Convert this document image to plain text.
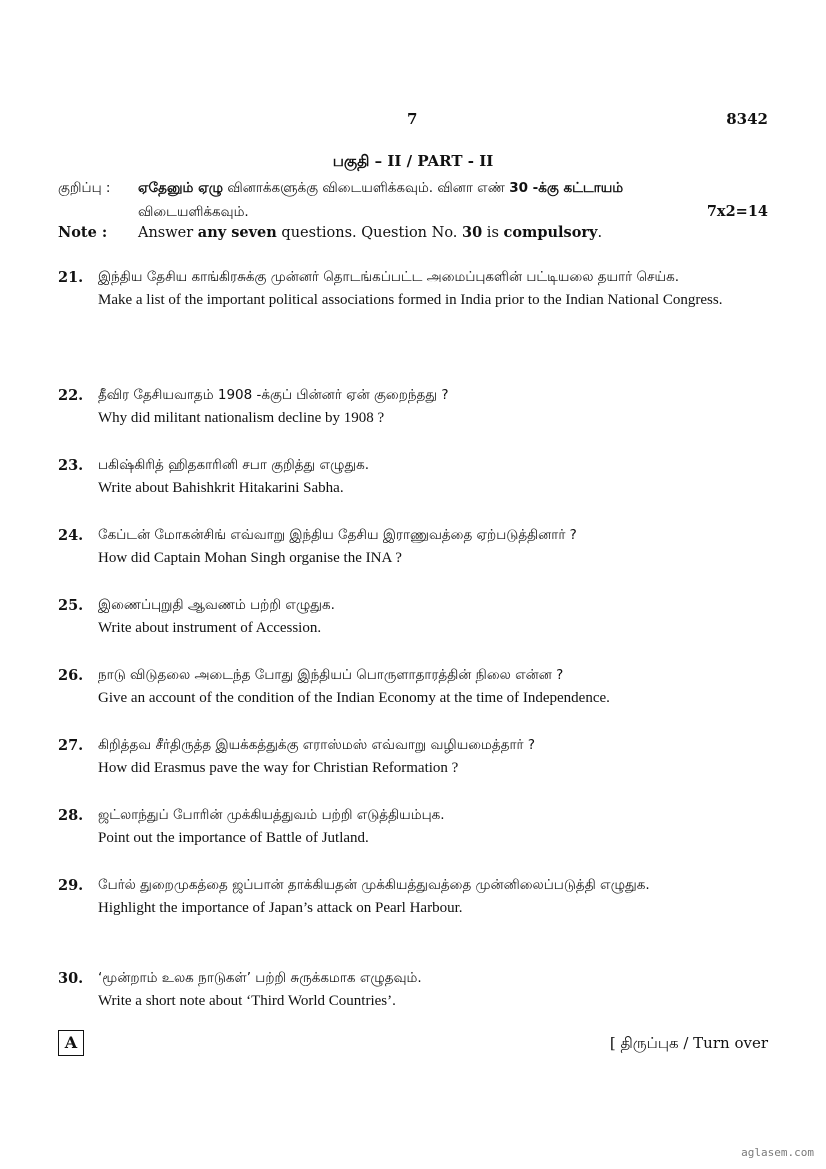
7	8342
பகுதி – II / PART - II
குறிப்பு : ஏதேனும் ஏழு வினாக்களுக்கு விடையளிக்கவும். வினா எண் 30 -க்கு கட்டாயம்
விடையளிக்கவும்.	7x2=14
Note : Answer any seven questions. Question No. 30 is compulsory.
21. இந்திய தேசிய காங்கிரசுக்கு முன்னர் தொடங்கப்பட்ட அமைப்புகளின் பட்டியலை தயார் செய்க.
Make a list of the important political associations formed in India prior to the Indian National Congress.
22. தீவிர தேசியவாதம் 1908 -க்குப் பின்னர் ஏன் குறைந்தது ?
Why did militant nationalism decline by 1908 ?
23. பகிஷ்கிரித் ஹிதகாரினி சபா குறித்து எழுதுக.
Write about Bahishkrit Hitakarini Sabha.
24. கேப்டன் மோகன்சிங் எவ்வாறு இந்திய தேசிய இராணுவத்தை ஏற்படுத்தினார் ?
How did Captain Mohan Singh organise the INA ?
25. இணைப்புறுதி ஆவணம் பற்றி எழுதுக.
Write about instrument of Accession.
26. நாடு விடுதலை அடைந்த போது இந்தியப் பொருளாதாரத்தின் நிலை என்ன ?
Give an account of the condition of the Indian Economy at the time of Independence.
27. கிறித்தவ சீர்திருத்த இயக்கத்துக்கு எராஸ்மஸ் எவ்வாறு வழியமைத்தார் ?
How did Erasmus pave the way for Christian Reformation ?
28. ஜட்லாந்துப் போரின் முக்கியத்துவம் பற்றி எடுத்தியம்புக.
Point out the importance of Battle of Jutland.
29. பேர்ல் துறைமுகத்தை ஜப்பான் தாக்கியதன் முக்கியத்துவத்தை முன்னிலைப்படுத்தி எழுதுக.
Highlight the importance of Japan’s attack on Pearl Harbour.
30. ‘மூன்றாம் உலக நாடுகள்’ பற்றி சுருக்கமாக எழுதவும்.
Write a short note about ‘Third World Countries’.
A	[ திருப்புக / Turn over
aglasem.com
